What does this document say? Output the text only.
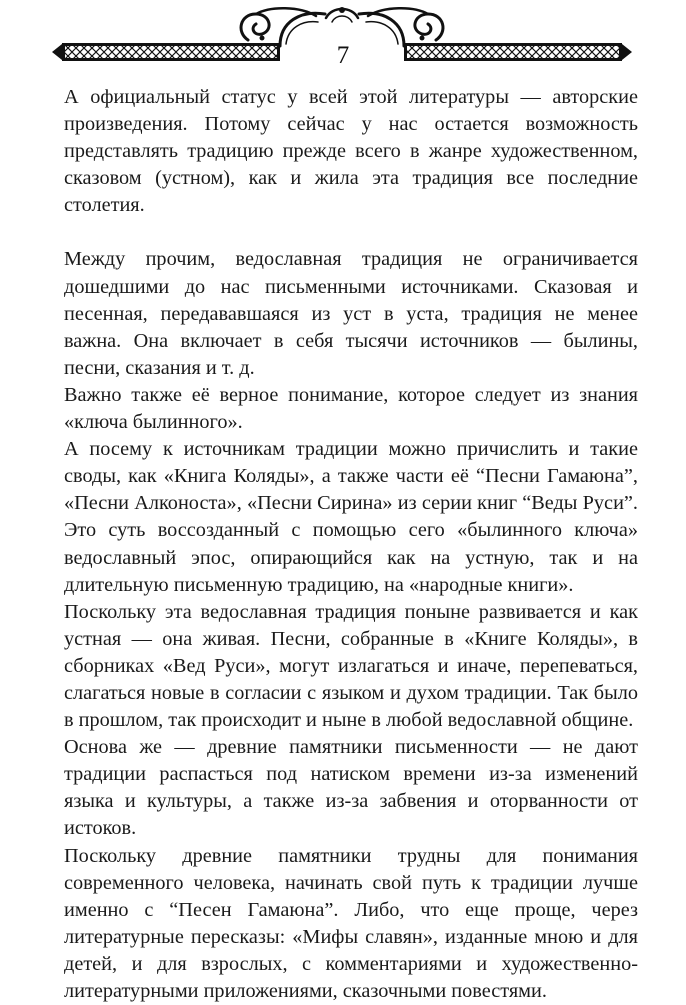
7

А официальный статус у всей этой литературы — авторские произведения. Потому сейчас у нас остается возможность представлять традицию прежде всего в жанре художественном, сказовом (устном), как и жила эта традиция все последние столетия.

Между прочим, ведославная традиция не ограничивается дошедшими до нас письменными источниками. Сказовая и песенная, передававшаяся из уст в уста, традиция не менее важна. Она включает в себя тысячи источников — былины, песни, сказания и т. д.

Важно также её верное понимание, которое следует из знания «ключа былинного».

А посему к источникам традиции можно причислить и такие своды, как «Книга Коляды», а также части её “Песни Гамаюна”, «Песни Алконоста», «Песни Сирина» из серии книг “Веды Руси”. Это суть воссозданный с помощью сего «былинного ключа» ведославный эпос, опирающийся как на устную, так и на длительную письменную традицию, на «народные книги».

Поскольку эта ведославная традиция поныне развивается и как устная — она живая. Песни, собранные в «Книге Коляды», в сборниках «Вед Руси», могут излагаться и иначе, перепеваться, слагаться новые в согласии с языком и духом традиции. Так было в прошлом, так происходит и ныне в любой ведославной общине.

Основа же — древние памятники письменности — не дают традиции распасться под натиском времени из-за изменений языка и культуры, а также из-за забвения и оторванности от истоков.

Поскольку древние памятники трудны для понимания современного человека, начинать свой путь к традиции лучше именно с “Песен Гамаюна”. Либо, что еще проще, через литературные пересказы: «Мифы славян», изданные мною и для детей, и для взрослых, с комментариями и художественно-литературными приложениями, сказочными повестями.
